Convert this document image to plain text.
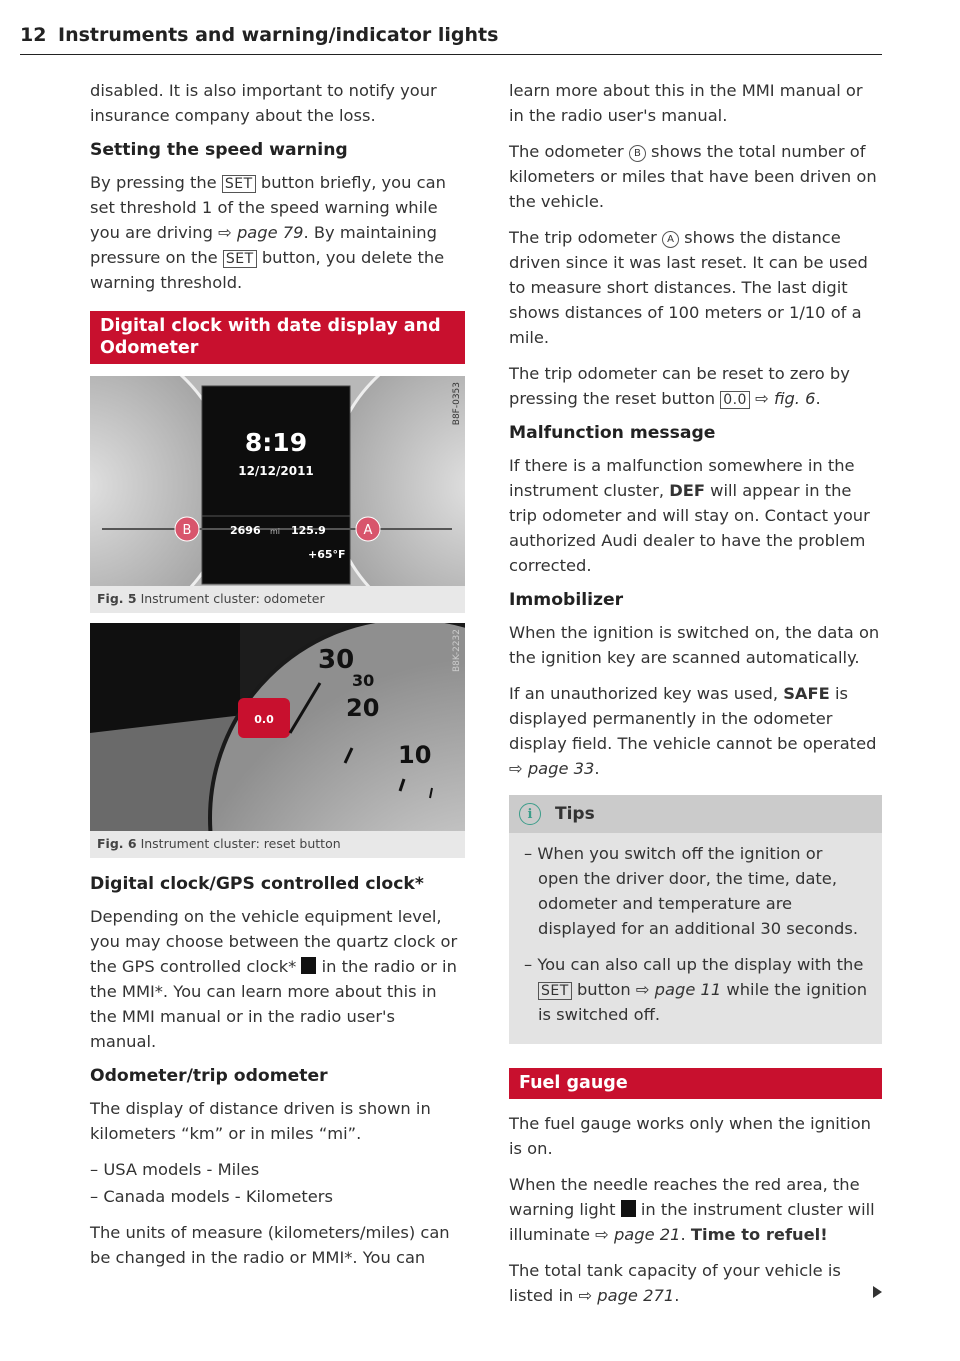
12 Instruments and warning/indicator lights

disabled. It is also important to notify your insurance company about the loss.

Setting the speed warning

By pressing the SET button briefly, you can set threshold 1 of the speed warning while you are driving ⇨ page 79. By maintaining pressure on the SET button, you delete the warning threshold.

Digital clock with date display and Odometer
8:19
12/12/2011
2696 mi 125.9
+65°F
B	A
B8F-0353
Fig. 5 Instrument cluster: odometer
0.0
30
30
20
10
B8K-2232
Fig. 6 Instrument cluster: reset button
Digital clock/GPS controlled clock*

Depending on the vehicle equipment level, you may choose between the quartz clock or the GPS controlled clock*  in the radio or in the MMI*. You can learn more about this in the MMI manual or in the radio user's manual.

Odometer/trip odometer

The display of distance driven is shown in kilometers “km” or in miles “mi”.

– USA models - Miles

– Canada models - Kilometers

The units of measure (kilometers/miles) can be changed in the radio or MMI*. You can

learn more about this in the MMI manual or in the radio user's manual.

The odometer B shows the total number of kilometers or miles that have been driven on the vehicle.

The trip odometer A shows the distance driven since it was last reset. It can be used to measure short distances. The last digit shows distances of 100 meters or 1/10 of a mile.

The trip odometer can be reset to zero by pressing the reset button 0.0 ⇨ fig. 6.

Malfunction message

If there is a malfunction somewhere in the instrument cluster, DEF will appear in the trip odometer and will stay on. Contact your authorized Audi dealer to have the problem corrected.

Immobilizer

When the ignition is switched on, the data on the ignition key are scanned automatically.

If an unauthorized key was used, SAFE is displayed permanently in the odometer display field. The vehicle cannot be operated ⇨ page 33.

i	Tips

– When you switch off the ignition or open the driver door, the time, date, odometer and temperature are displayed for an additional 30 seconds.

– You can also call up the display with the SET button ⇨ page 11 while the ignition is switched off.

Fuel gauge

The fuel gauge works only when the ignition is on.

When the needle reaches the red area, the warning light  in the instrument cluster will illuminate ⇨ page 21. Time to refuel!

The total tank capacity of your vehicle is listed in ⇨ page 271.
